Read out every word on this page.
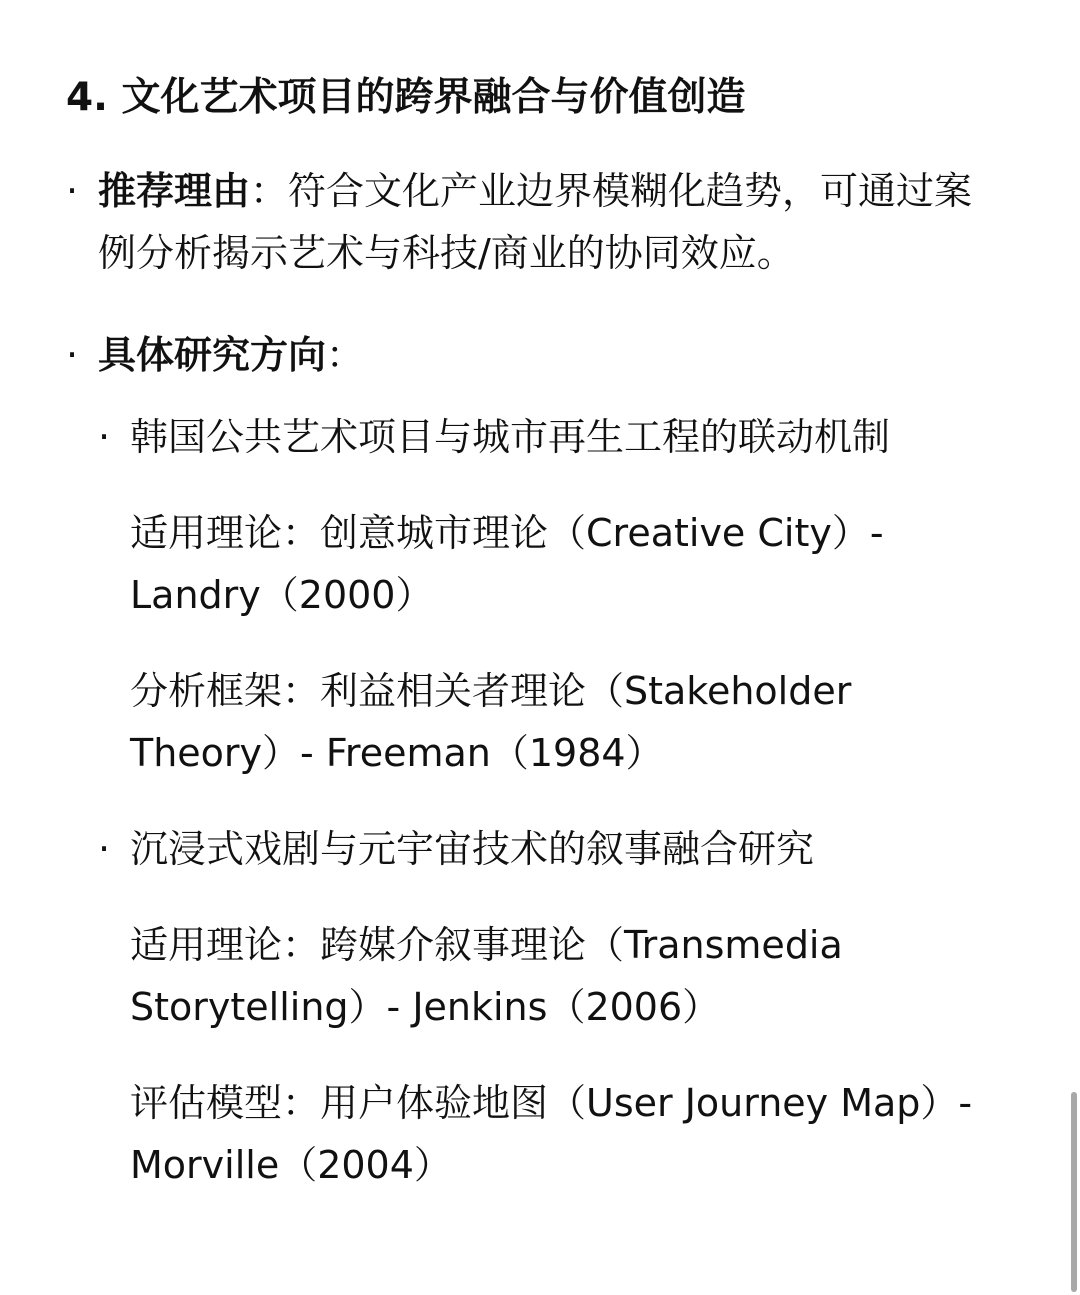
4. 文化艺术项目的跨界融合与价值创造
· 推荐理由：符合文化产业边界模糊化趋势，可通过案例分析揭示艺术与科技/商业的协同效应。
· 具体研究方向：
· 韩国公共艺术项目与城市再生工程的联动机制
适用理论：创意城市理论（Creative City）- Landry（2000）
分析框架：利益相关者理论（Stakeholder Theory）- Freeman（1984）
· 沉浸式戏剧与元宇宙技术的叙事融合研究
适用理论：跨媒介叙事理论（Transmedia Storytelling）- Jenkins（2006）
评估模型：用户体验地图（User Journey Map）- Morville（2004）
